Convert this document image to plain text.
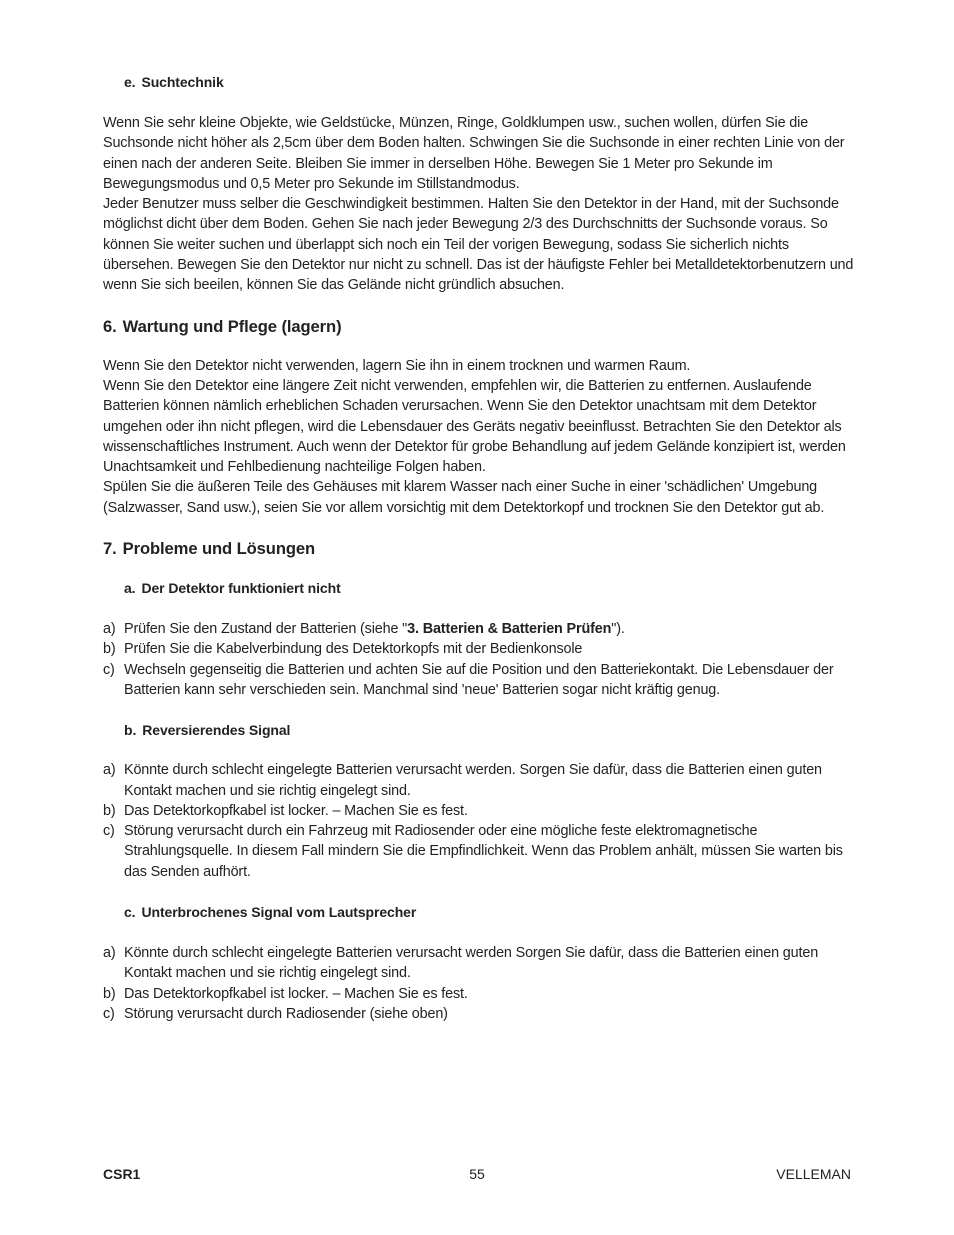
e. Suchtechnik

Wenn Sie sehr kleine Objekte, wie Geldstücke, Münzen, Ringe, Goldklumpen usw., suchen wollen, dürfen Sie die Suchsonde nicht höher als 2,5cm über dem Boden halten. Schwingen Sie die Suchsonde in einer rechten Linie von der einen nach der anderen Seite. Bleiben Sie immer in derselben Höhe. Bewegen Sie 1 Meter pro Sekunde im Bewegungsmodus und 0,5 Meter pro Sekunde im Stillstandmodus.

Jeder Benutzer muss selber die Geschwindigkeit bestimmen. Halten Sie den Detektor in der Hand, mit der Suchsonde möglichst dicht über dem Boden. Gehen Sie nach jeder Bewegung 2/3 des Durchschnitts der Suchsonde voraus. So können Sie weiter suchen und überlappt sich noch ein Teil der vorigen Bewegung, sodass Sie sicherlich nichts übersehen. Bewegen Sie den Detektor nur nicht zu schnell. Das ist der häufigste Fehler bei Metalldetektorbenutzern und wenn Sie sich beeilen, können Sie das Gelände nicht gründlich absuchen.

6. Wartung und Pflege (lagern)

Wenn Sie den Detektor nicht verwenden, lagern Sie ihn in einem trocknen und warmen Raum.

Wenn Sie den Detektor eine längere Zeit nicht verwenden, empfehlen wir, die Batterien zu entfernen. Auslaufende Batterien können nämlich erheblichen Schaden verursachen. Wenn Sie den Detektor unachtsam mit dem Detektor umgehen oder ihn nicht pflegen, wird die Lebensdauer des Geräts negativ beeinflusst. Betrachten Sie den Detektor als wissenschaftliches Instrument. Auch wenn der Detektor für grobe Behandlung auf jedem Gelände konzipiert ist, werden Unachtsamkeit und Fehlbedienung nachteilige Folgen haben.

Spülen Sie die äußeren Teile des Gehäuses mit klarem Wasser nach einer Suche in einer 'schädlichen' Umgebung (Salzwasser, Sand usw.), seien Sie vor allem vorsichtig mit dem Detektorkopf und trocknen Sie den Detektor gut ab.

7. Probleme und Lösungen
a. Der Detektor funktioniert nicht
a) Prüfen Sie den Zustand der Batterien (siehe "3. Batterien & Batterien Prüfen").
b) Prüfen Sie die Kabelverbindung des Detektorkopfs mit der Bedienkonsole
c) Wechseln gegenseitig die Batterien und achten Sie auf die Position und den Batteriekontakt. Die Lebensdauer der Batterien kann sehr verschieden sein. Manchmal sind 'neue' Batterien sogar nicht kräftig genug.
b. Reversierendes Signal
a) Könnte durch schlecht eingelegte Batterien verursacht werden. Sorgen Sie dafür, dass die Batterien einen guten Kontakt machen und sie richtig eingelegt sind.
b) Das Detektorkopfkabel ist locker. – Machen Sie es fest.
c) Störung verursacht durch ein Fahrzeug mit Radiosender oder eine mögliche feste elektromagnetische Strahlungsquelle. In diesem Fall mindern Sie die Empfindlichkeit. Wenn das Problem anhält, müssen Sie warten bis das Senden aufhört.
c. Unterbrochenes Signal vom Lautsprecher
a) Könnte durch schlecht eingelegte Batterien verursacht werden Sorgen Sie dafür, dass die Batterien einen guten Kontakt machen und sie richtig eingelegt sind.
b) Das Detektorkopfkabel ist locker. – Machen Sie es fest.
c) Störung verursacht durch Radiosender (siehe oben)
CSR1	55	VELLEMAN
